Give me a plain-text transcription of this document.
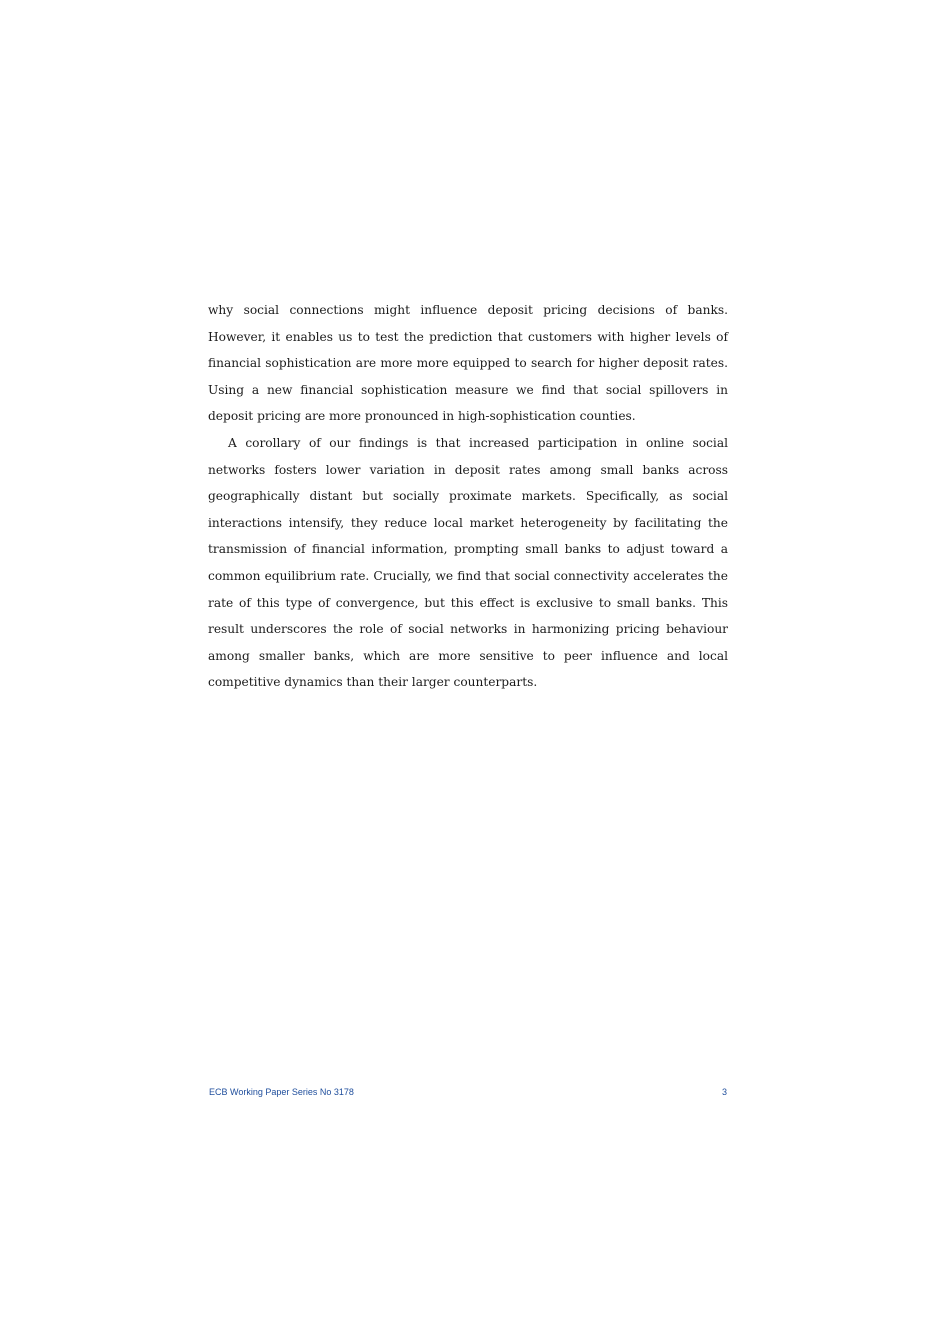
why social connections might influence deposit pricing decisions of banks. However, it enables us to test the prediction that customers with higher levels of financial sophistication are more more equipped to search for higher deposit rates. Using a new financial sophistication measure we find that social spillovers in deposit pricing are more pronounced in high-sophistication counties.

A corollary of our findings is that increased participation in online social networks fosters lower variation in deposit rates among small banks across geographically distant but socially proximate markets. Specifically, as social interactions intensify, they reduce local market heterogeneity by facilitating the transmission of financial information, prompting small banks to adjust toward a common equilibrium rate. Crucially, we find that social connectivity accelerates the rate of this type of convergence, but this effect is exclusive to small banks. This result underscores the role of social networks in harmonizing pricing behaviour among smaller banks, which are more sensitive to peer influence and local competitive dynamics than their larger counterparts.

ECB Working Paper Series No 3178	3
